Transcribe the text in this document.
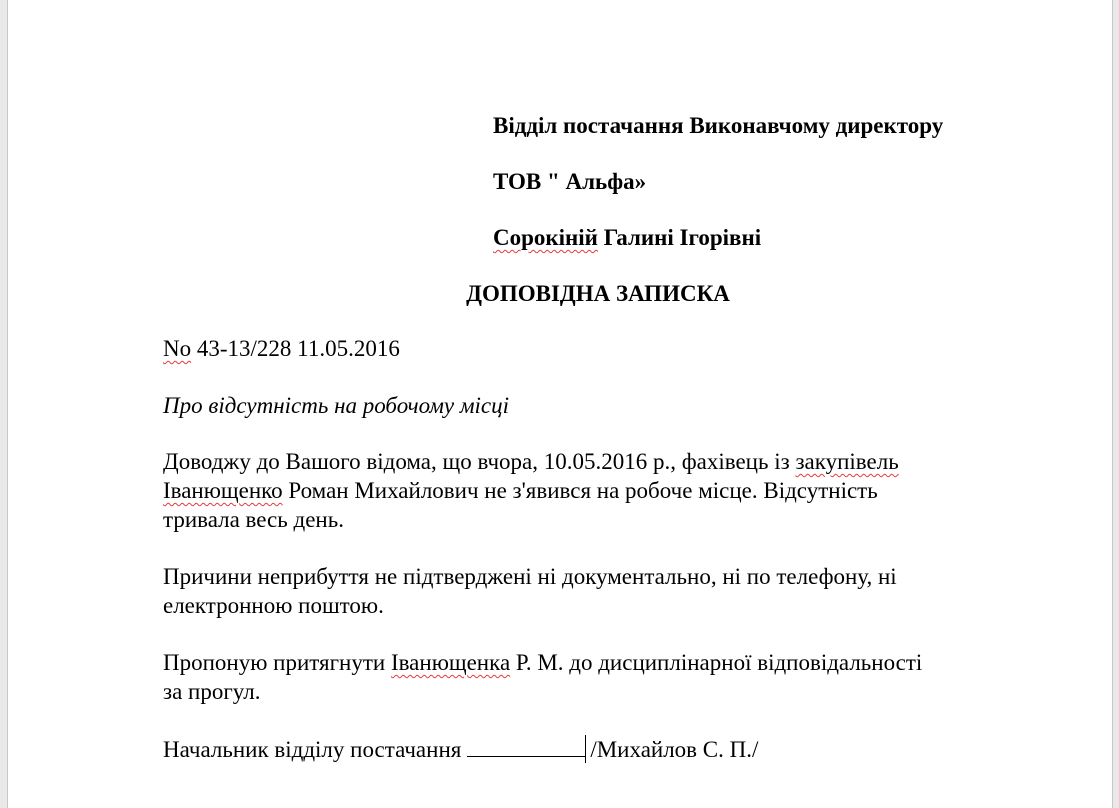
Відділ постачання Виконавчому директору
ТОВ " Альфа»
Сорокіній Галині Ігорівні
ДОПОВІДНА ЗАПИСКА
No 43-13/228 11.05.2016
Про відсутність на робочому місці
Доводжу до Вашого відома, що вчора, 10.05.2016 р., фахівець із закупівель
Іванющенко Роман Михайлович не з'явився на робоче місце. Відсутність
тривала весь день.
Причини неприбуття не підтверджені ні документально, ні по телефону, ні
електронною поштою.
Пропоную притягнути Іванющенка Р. М. до дисциплінарної відповідальності
за прогул.
Начальник відділу постачання	/Михайлов С. П./
